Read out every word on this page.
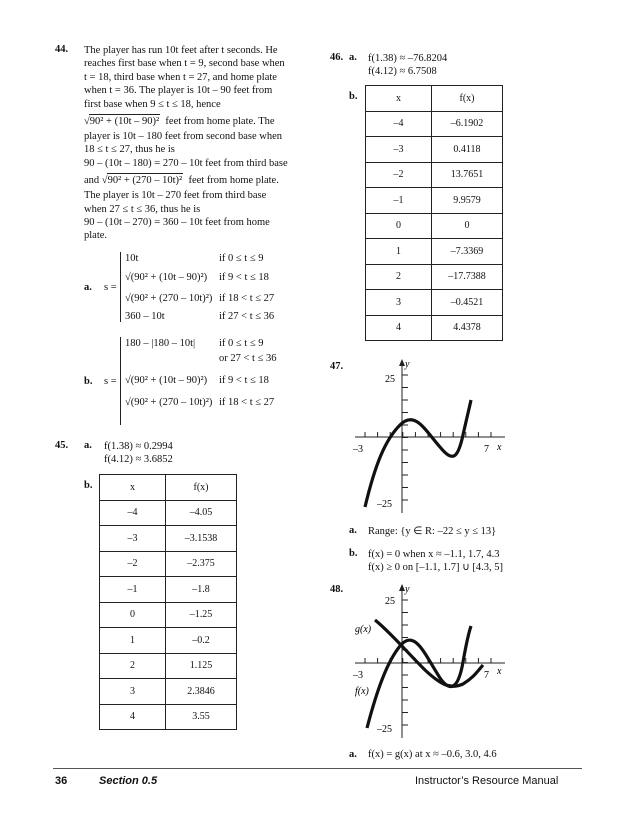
44. The player has run 10t feet after t seconds. He
reaches first base when t = 9, second base when
t = 18, third base when t = 27, and home plate
when t = 36. The player is 10t – 90 feet from
first base when 9 ≤ t ≤ 18, hence
√90² + (10t – 90)² feet from home plate. The
player is 10t – 180 feet from second base when
18 ≤ t ≤ 27, thus he is
90 – (10t – 180) = 270 – 10t feet from third base
and √90² + (270 – 10t)² feet from home plate.
The player is 10t – 270 feet from third base
when 27 ≤ t ≤ 36, thus he is
90 – (10t – 270) = 360 – 10t feet from home
plate.
a. s =
10t	if 0 ≤ t ≤ 9
√(90² + (10t – 90)²) if 9 < t ≤ 18
√(90² + (270 – 10t)²) if 18 < t ≤ 27
360 – 10t	if 27 < t ≤ 36
b. s =
180 – |180 – 10t| if 0 ≤ t ≤ 9
or 27 < t ≤ 36
√(90² + (10t – 90)²) if 9 < t ≤ 18
√(90² + (270 – 10t)²) if 18 < t ≤ 27
45. a. f(1.38) ≈ 0.2994
f(4.12) ≈ 3.6852
b.	x	f(x)
–4	–4.05
–3	–3.1538
–2	–2.375
–1	–1.8
0	–1.25
1	–0.2
2	1.125
3	2.3846
4	3.55
46. a. f(1.38) ≈ –76.8204
f(4.12) ≈ 6.7508
b.	x	f(x)
–4	–6.1902
–3	0.4118
–2	13.7651
–1	9.9579
0	0
1	–7.3369
2	–17.7388
3	–0.4521
4	4.4378
47.	y
25
–25
–3	7 x
a. Range: {y ∈ R: –22 ≤ y ≤ 13}
b. f(x) = 0 when x ≈ –1.1, 1.7, 4.3
f(x) ≥ 0 on [–1.1, 1.7] ∪ [4.3, 5]
48.	y
25
–25
–3	7 x
g(x)
f(x)
a. f(x) = g(x) at x ≈ –0.6, 3.0, 4.6
36	Section 0.5	Instructor’s Resource Manual
